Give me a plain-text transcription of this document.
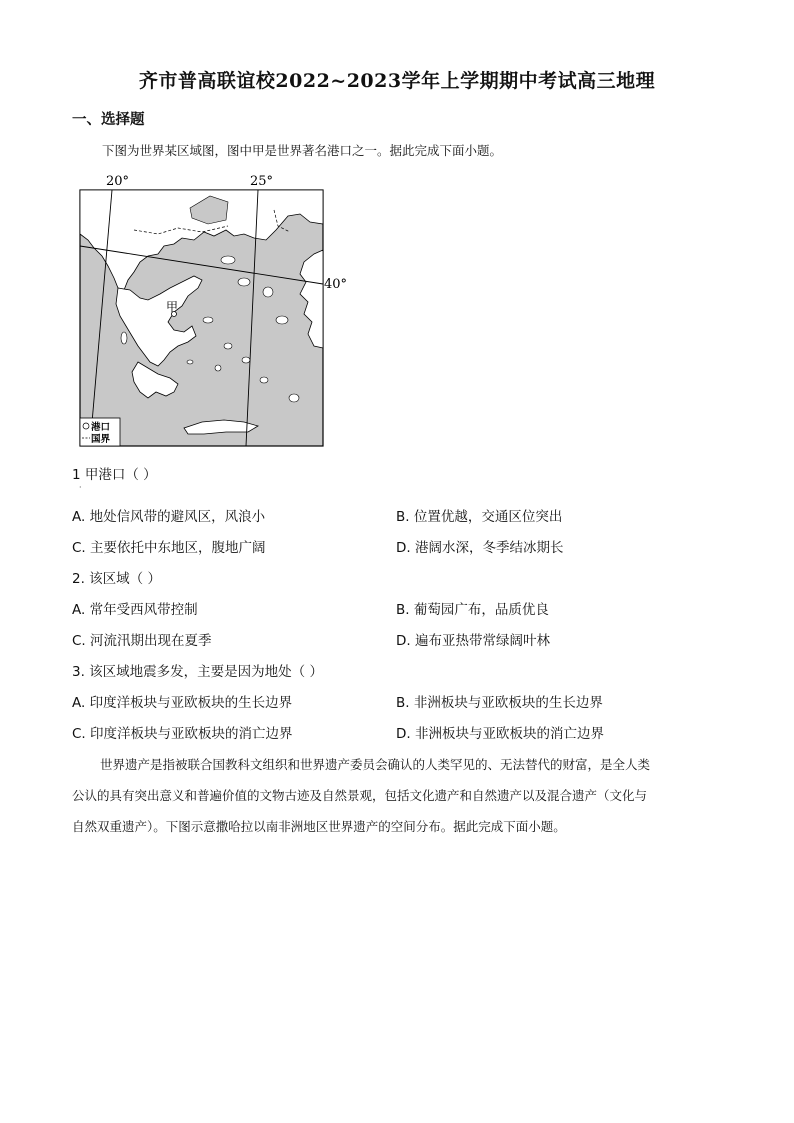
齐市普高联谊校2022~2023学年上学期期中考试高三地理
一、选择题
下图为世界某区域图，图中甲是世界著名港口之一。据此完成下面小题。
20°	25°
甲
40°
港口
国界
1 甲港口（ ）
·
A. 地处信风带的避风区，风浪小	B. 位置优越，交通区位突出
C. 主要依托中东地区，腹地广阔	D. 港阔水深，冬季结冰期长
2. 该区域（ ）
A. 常年受西风带控制	B. 葡萄园广布，品质优良
C. 河流汛期出现在夏季	D. 遍布亚热带常绿阔叶林
3. 该区域地震多发，主要是因为地处（ ）
A. 印度洋板块与亚欧板块的生长边界	B. 非洲板块与亚欧板块的生长边界
C. 印度洋板块与亚欧板块的消亡边界	D. 非洲板块与亚欧板块的消亡边界
世界遗产是指被联合国教科文组织和世界遗产委员会确认的人类罕见的、无法替代的财富，是全人类
公认的具有突出意义和普遍价值的文物古迹及自然景观，包括文化遗产和自然遗产以及混合遗产（文化与
自然双重遗产）。下图示意撒哈拉以南非洲地区世界遗产的空间分布。据此完成下面小题。
